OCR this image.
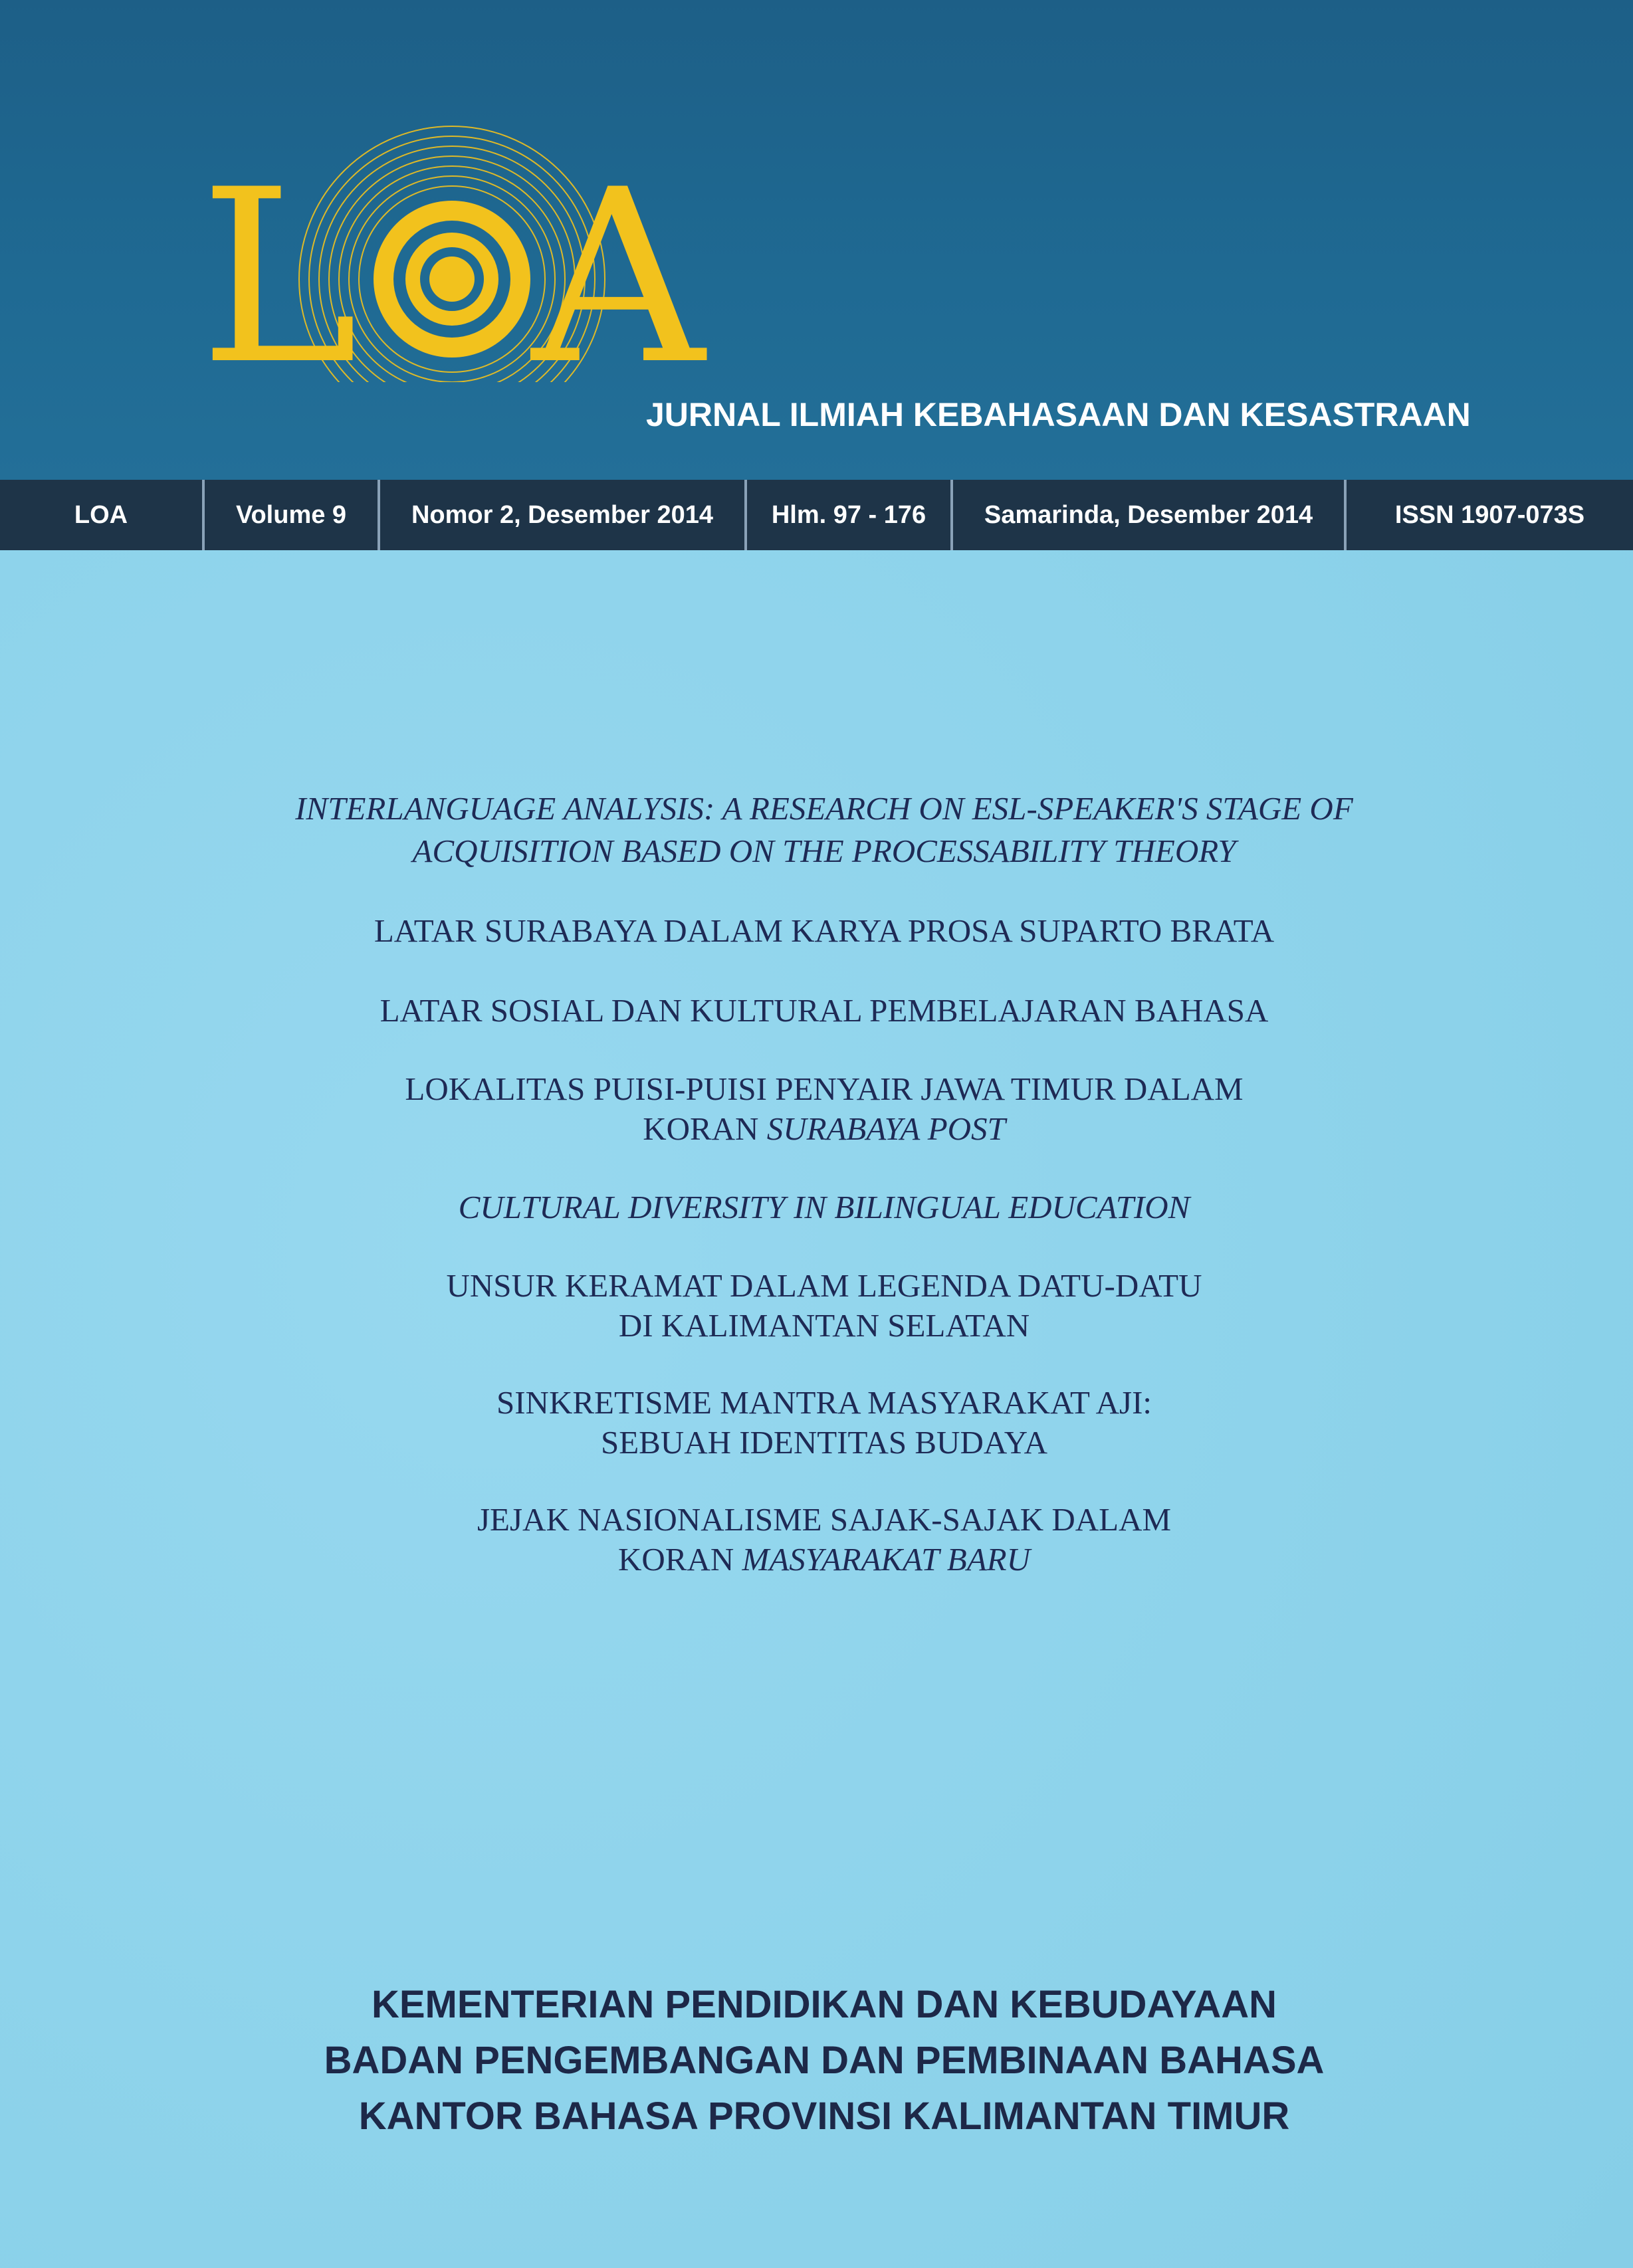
L A
JURNAL ILMIAH KEBAHASAAN DAN KESASTRAAN
LOA	Volume 9	Nomor 2, Desember 2014	Hlm. 97 - 176	Samarinda, Desember 2014	ISSN 1907-073S
INTERLANGUAGE ANALYSIS: A RESEARCH ON ESL-SPEAKER'S STAGE OF
ACQUISITION BASED ON THE PROCESSABILITY THEORY
LATAR SURABAYA DALAM KARYA PROSA SUPARTO BRATA
LATAR SOSIAL DAN KULTURAL PEMBELAJARAN BAHASA
LOKALITAS PUISI-PUISI PENYAIR JAWA TIMUR DALAM
KORAN SURABAYA POST
CULTURAL DIVERSITY IN BILINGUAL EDUCATION
UNSUR KERAMAT DALAM LEGENDA DATU-DATU
DI KALIMANTAN SELATAN
SINKRETISME MANTRA MASYARAKAT AJI:
SEBUAH IDENTITAS BUDAYA
JEJAK NASIONALISME SAJAK-SAJAK DALAM
KORAN MASYARAKAT BARU
KEMENTERIAN PENDIDIKAN DAN KEBUDAYAAN
BADAN PENGEMBANGAN DAN PEMBINAAN BAHASA
KANTOR BAHASA PROVINSI KALIMANTAN TIMUR
